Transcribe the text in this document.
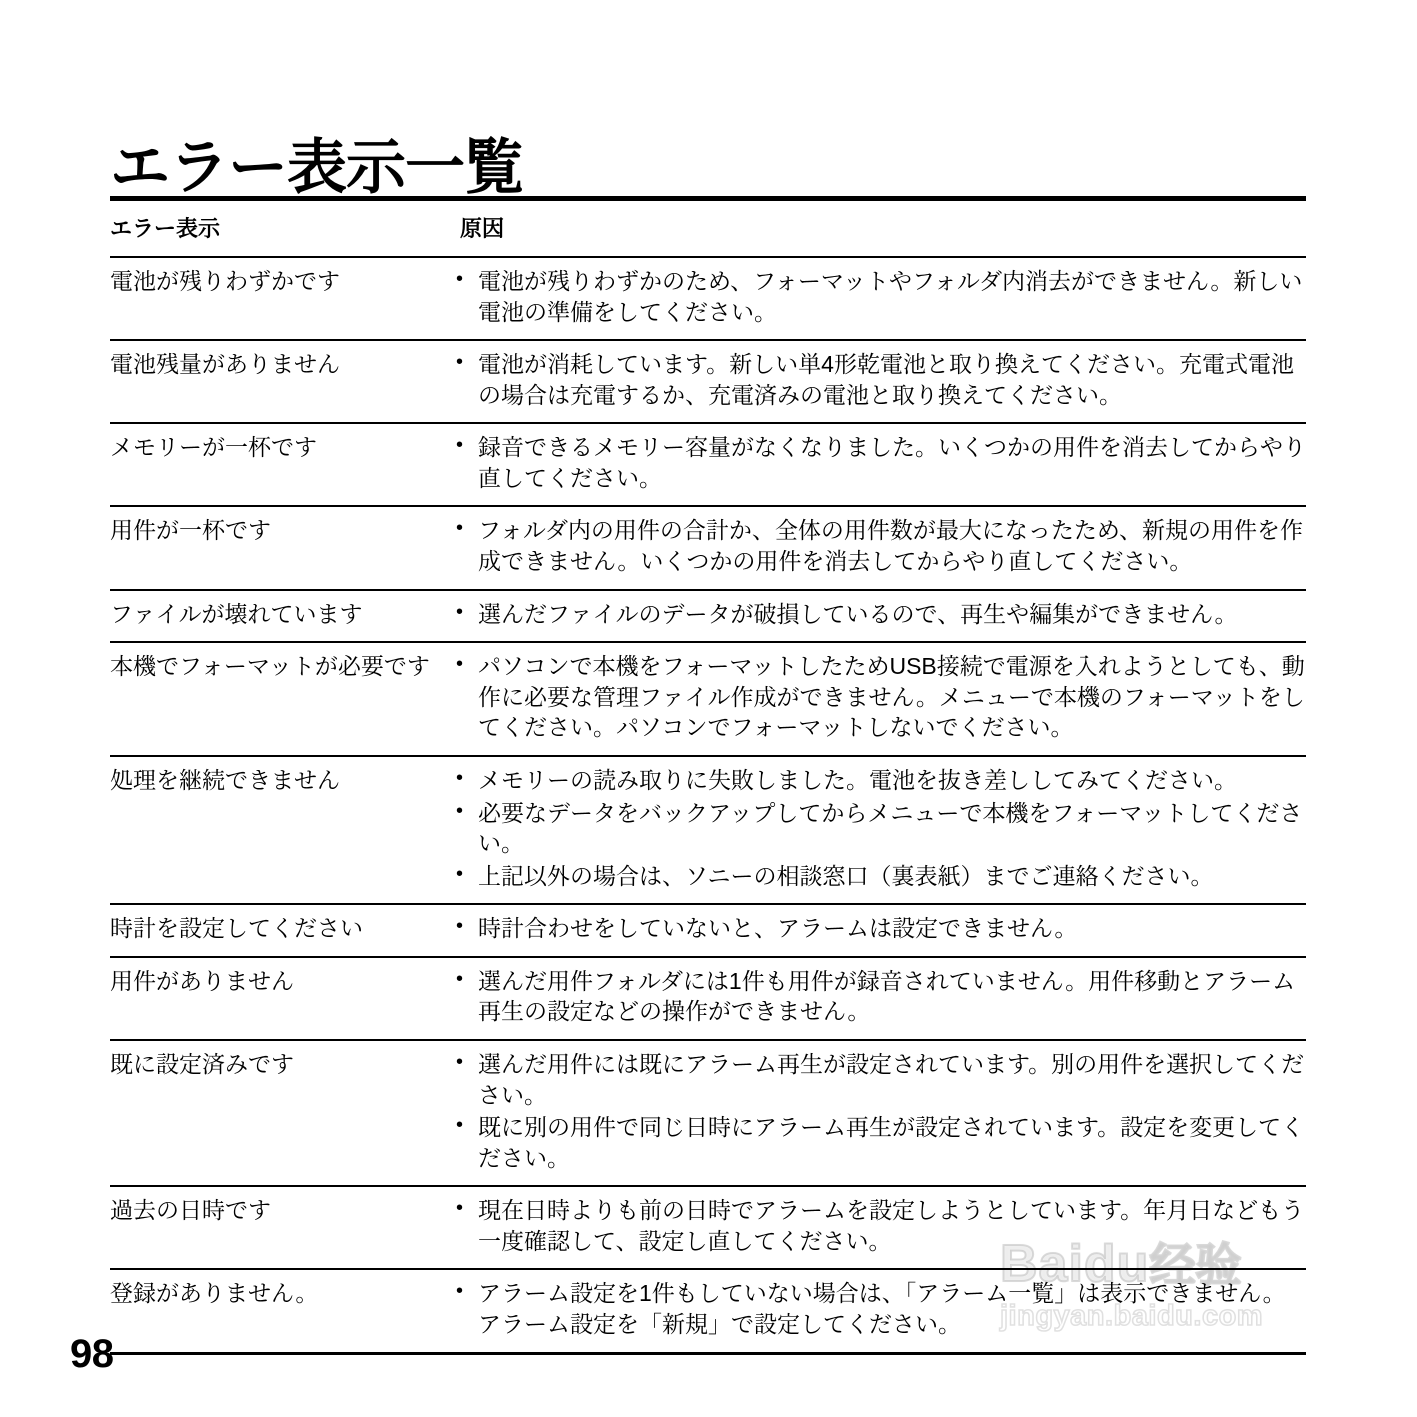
エラー表示一覧
エラー表示	原因
電池が残りわずかです	
•電池が残りわずかのため、フォーマットやフォルダ内消去ができません。新しい電池の準備をしてください。

電池残量がありません	
•電池が消耗しています。新しい単4形乾電池と取り換えてください。充電式電池の場合は充電するか、充電済みの電池と取り換えてください。

メモリーが一杯です	
•録音できるメモリー容量がなくなりました。いくつかの用件を消去してからやり直してください。

用件が一杯です	
•フォルダ内の用件の合計か、全体の用件数が最大になったため、新規の用件を作成できません。いくつかの用件を消去してからやり直してください。

ファイルが壊れています	
•選んだファイルのデータが破損しているので、再生や編集ができません。

本機でフォーマットが必要です	
•パソコンで本機をフォーマットしたためUSB接続で電源を入れようとしても、動作に必要な管理ファイル作成ができません。メニューで本機のフォーマットをしてください。パソコンでフォーマットしないでください。

処理を継続できません	
•メモリーの読み取りに失敗しました。電池を抜き差ししてみてください。
• 必要なデータをバックアップしてからメニューで本機をフォーマットしてください。
• 上記以外の場合は、ソニーの相談窓口（裏表紙）までご連絡ください。

時計を設定してください	
•時計合わせをしていないと、アラームは設定できません。

用件がありません	
•選んだ用件フォルダには1件も用件が録音されていません。用件移動とアラーム再生の設定などの操作ができません。

既に設定済みです	
•選んだ用件には既にアラーム再生が設定されています。別の用件を選択してください。
• 既に別の用件で同じ日時にアラーム再生が設定されています。設定を変更してください。

過去の日時です	
•現在日時よりも前の日時でアラームを設定しようとしています。年月日などもう一度確認して、設定し直してください。

登録がありません。	
•アラーム設定を1件もしていない場合は、「アラーム一覧」は表示できません。アラーム設定を「新規」で設定してください。
98
Baidu经验
jingyan.baidu.com
